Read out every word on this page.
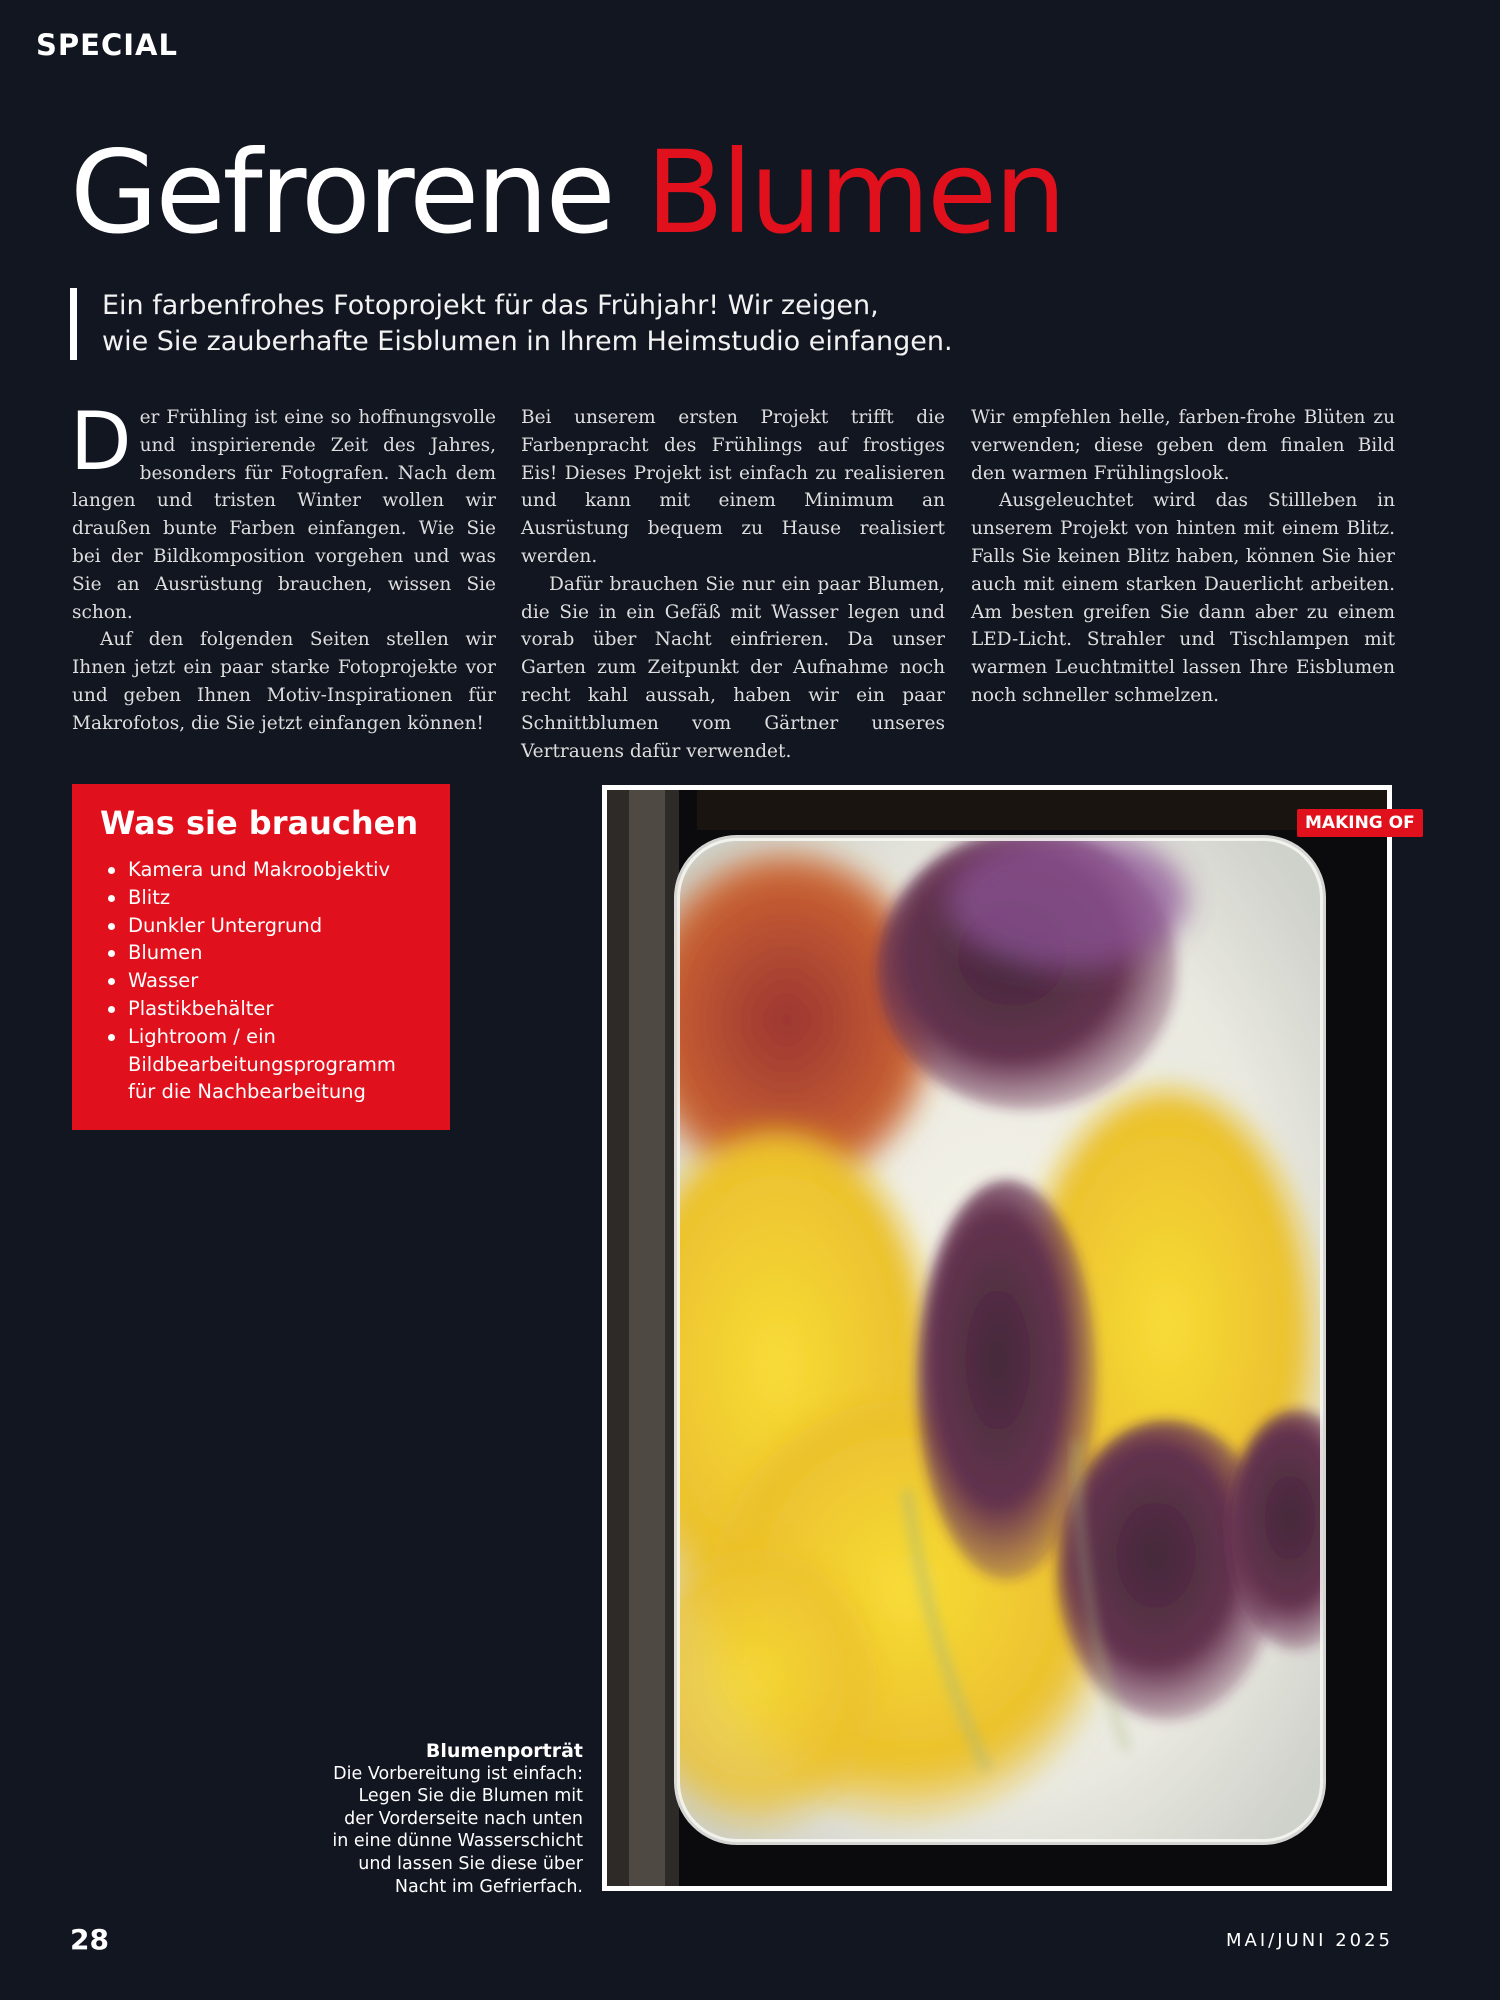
SPECIAL
Gefrorene Blumen
Ein farbenfrohes Fotoprojekt für das Frühjahr! Wir zeigen,
wie Sie zauberhafte Eisblumen in Ihrem Heimstudio einfangen.

Der Frühling ist eine so hoffnungsvolle und inspirierende Zeit des Jahres, besonders für Fotografen. Nach dem langen und tristen Winter wollen wir draußen bunte Farben einfangen. Wie Sie bei der Bildkomposition vorgehen und was Sie an Ausrüstung brauchen, wissen Sie schon.

Auf den folgenden Seiten stellen wir Ihnen jetzt ein paar starke Fotoprojekte vor und geben Ihnen Motiv-Inspirationen für Makrofotos, die Sie jetzt einfangen können!

Bei unserem ersten Projekt trifft die Farbenpracht des Frühlings auf frostiges Eis! Dieses Projekt ist einfach zu realisieren und kann mit einem Minimum an Ausrüstung bequem zu Hause realisiert werden.

Dafür brauchen Sie nur ein paar Blumen, die Sie in ein Gefäß mit Wasser legen und vorab über Nacht einfrieren. Da unser Garten zum Zeitpunkt der Aufnahme noch recht kahl aussah, haben wir ein paar Schnittblumen vom Gärtner unseres Vertrauens dafür verwendet.

Wir empfehlen helle, farben-frohe Blüten zu verwenden; diese geben dem finalen Bild den warmen Frühlingslook.

Ausgeleuchtet wird das Stillleben in unserem Projekt von hinten mit einem Blitz. Falls Sie keinen Blitz haben, können Sie hier auch mit einem starken Dauerlicht arbeiten. Am besten greifen Sie dann aber zu einem LED-Licht. Strahler und Tischlampen mit warmen Leuchtmittel lassen Ihre Eisblumen noch schneller schmelzen.

Was sie brauchen
Kamera und Makroobjektiv
Blitz
Dunkler Untergrund
Blumen
Wasser
Plastikbehälter
Lightroom / ein Bildbearbeitungsprogramm für die Nachbearbeitung
MAKING OF
Blumenporträt
Die Vorbereitung ist einfach:
Legen Sie die Blumen mit
der Vorderseite nach unten
in eine dünne Wasserschicht
und lassen Sie diese über
Nacht im Gefrierfach.
28	MAI/JUNI 2025
